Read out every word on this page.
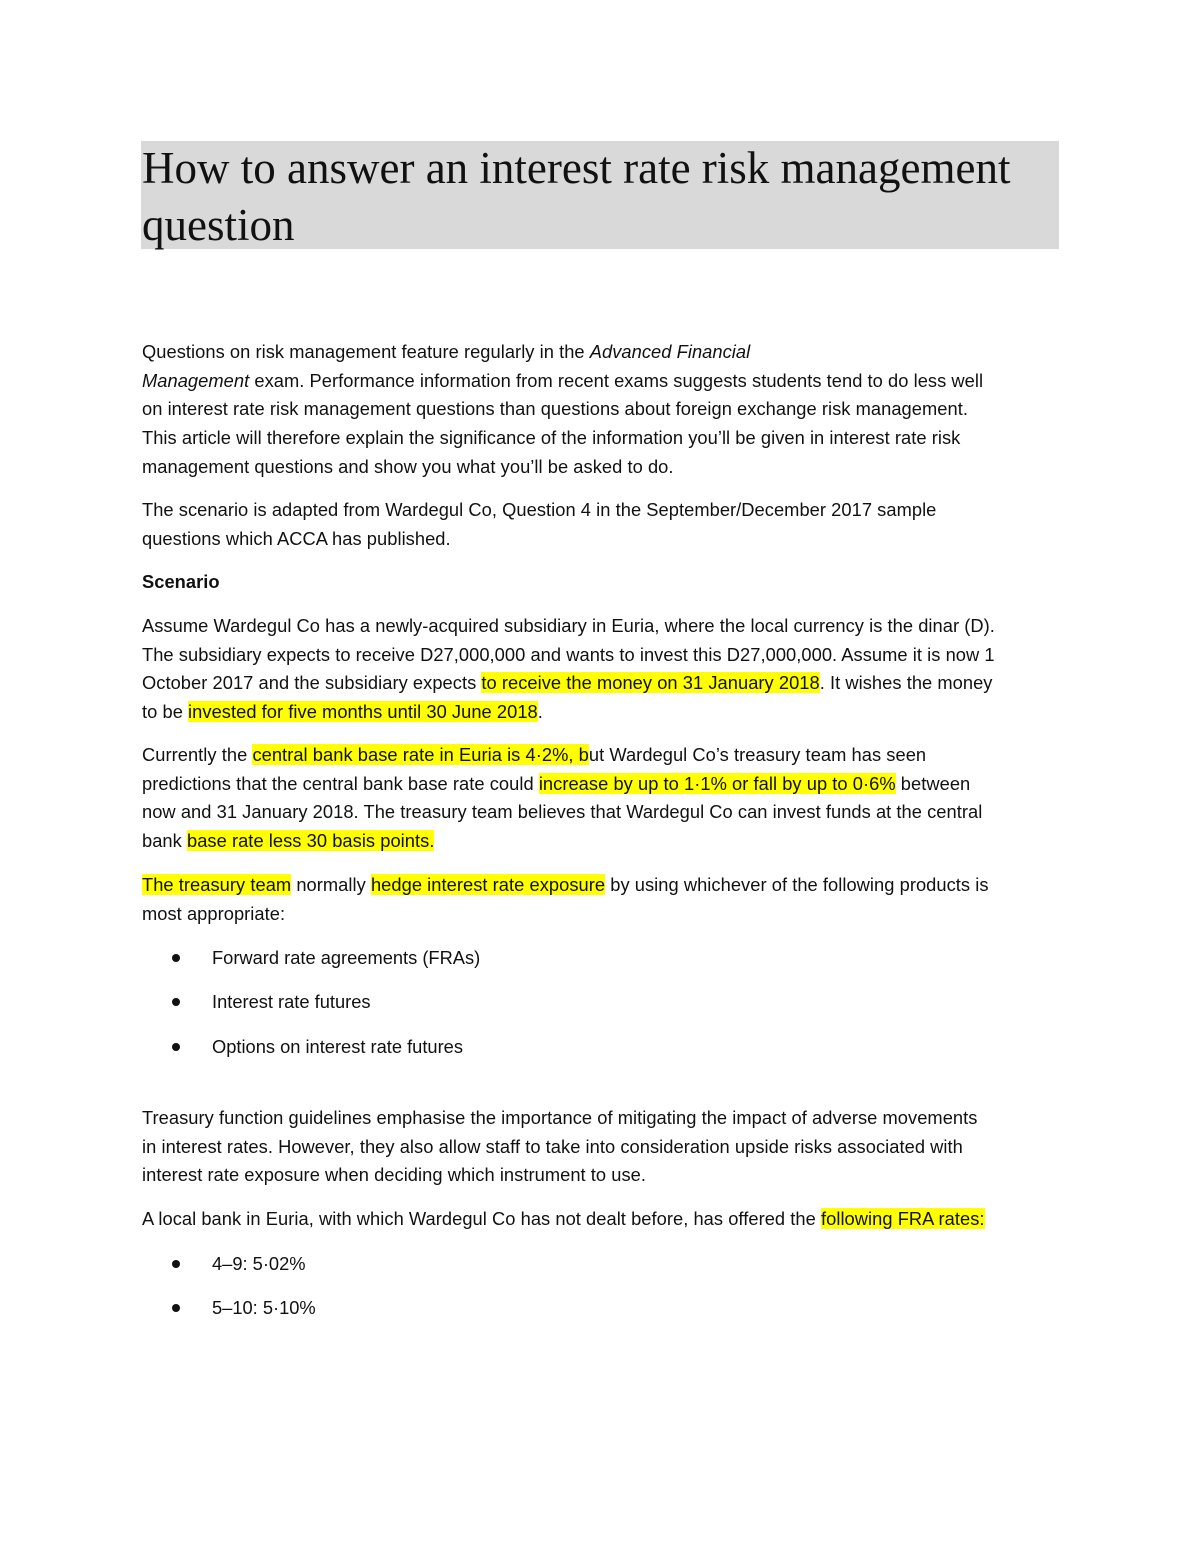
How to answer an interest rate risk management
question

Questions on risk management feature regularly in the Advanced Financial
Management exam. Performance information from recent exams suggests students tend to do less well
on interest rate risk management questions than questions about foreign exchange risk management.
This article will therefore explain the significance of the information you’ll be given in interest rate risk
management questions and show you what you’ll be asked to do.

The scenario is adapted from Wardegul Co, Question 4 in the September/December 2017 sample
questions which ACCA has published.

Scenario

Assume Wardegul Co has a newly-acquired subsidiary in Euria, where the local currency is the dinar (D).
The subsidiary expects to receive D27,000,000 and wants to invest this D27,000,000. Assume it is now 1
October 2017 and the subsidiary expects to receive the money on 31 January 2018. It wishes the money
to be invested for five months until 30 June 2018.

Currently the central bank base rate in Euria is 4·2%, but Wardegul Co’s treasury team has seen
predictions that the central bank base rate could increase by up to 1·1% or fall by up to 0·6% between
now and 31 January 2018. The treasury team believes that Wardegul Co can invest funds at the central
bank base rate less 30 basis points.

The treasury team normally hedge interest rate exposure by using whichever of the following products is
most appropriate:

Forward rate agreements (FRAs)
Interest rate futures
Options on interest rate futures

Treasury function guidelines emphasise the importance of mitigating the impact of adverse movements
in interest rates. However, they also allow staff to take into consideration upside risks associated with
interest rate exposure when deciding which instrument to use.

A local bank in Euria, with which Wardegul Co has not dealt before, has offered the following FRA rates:

4–9: 5·02%
5–10: 5·10%
